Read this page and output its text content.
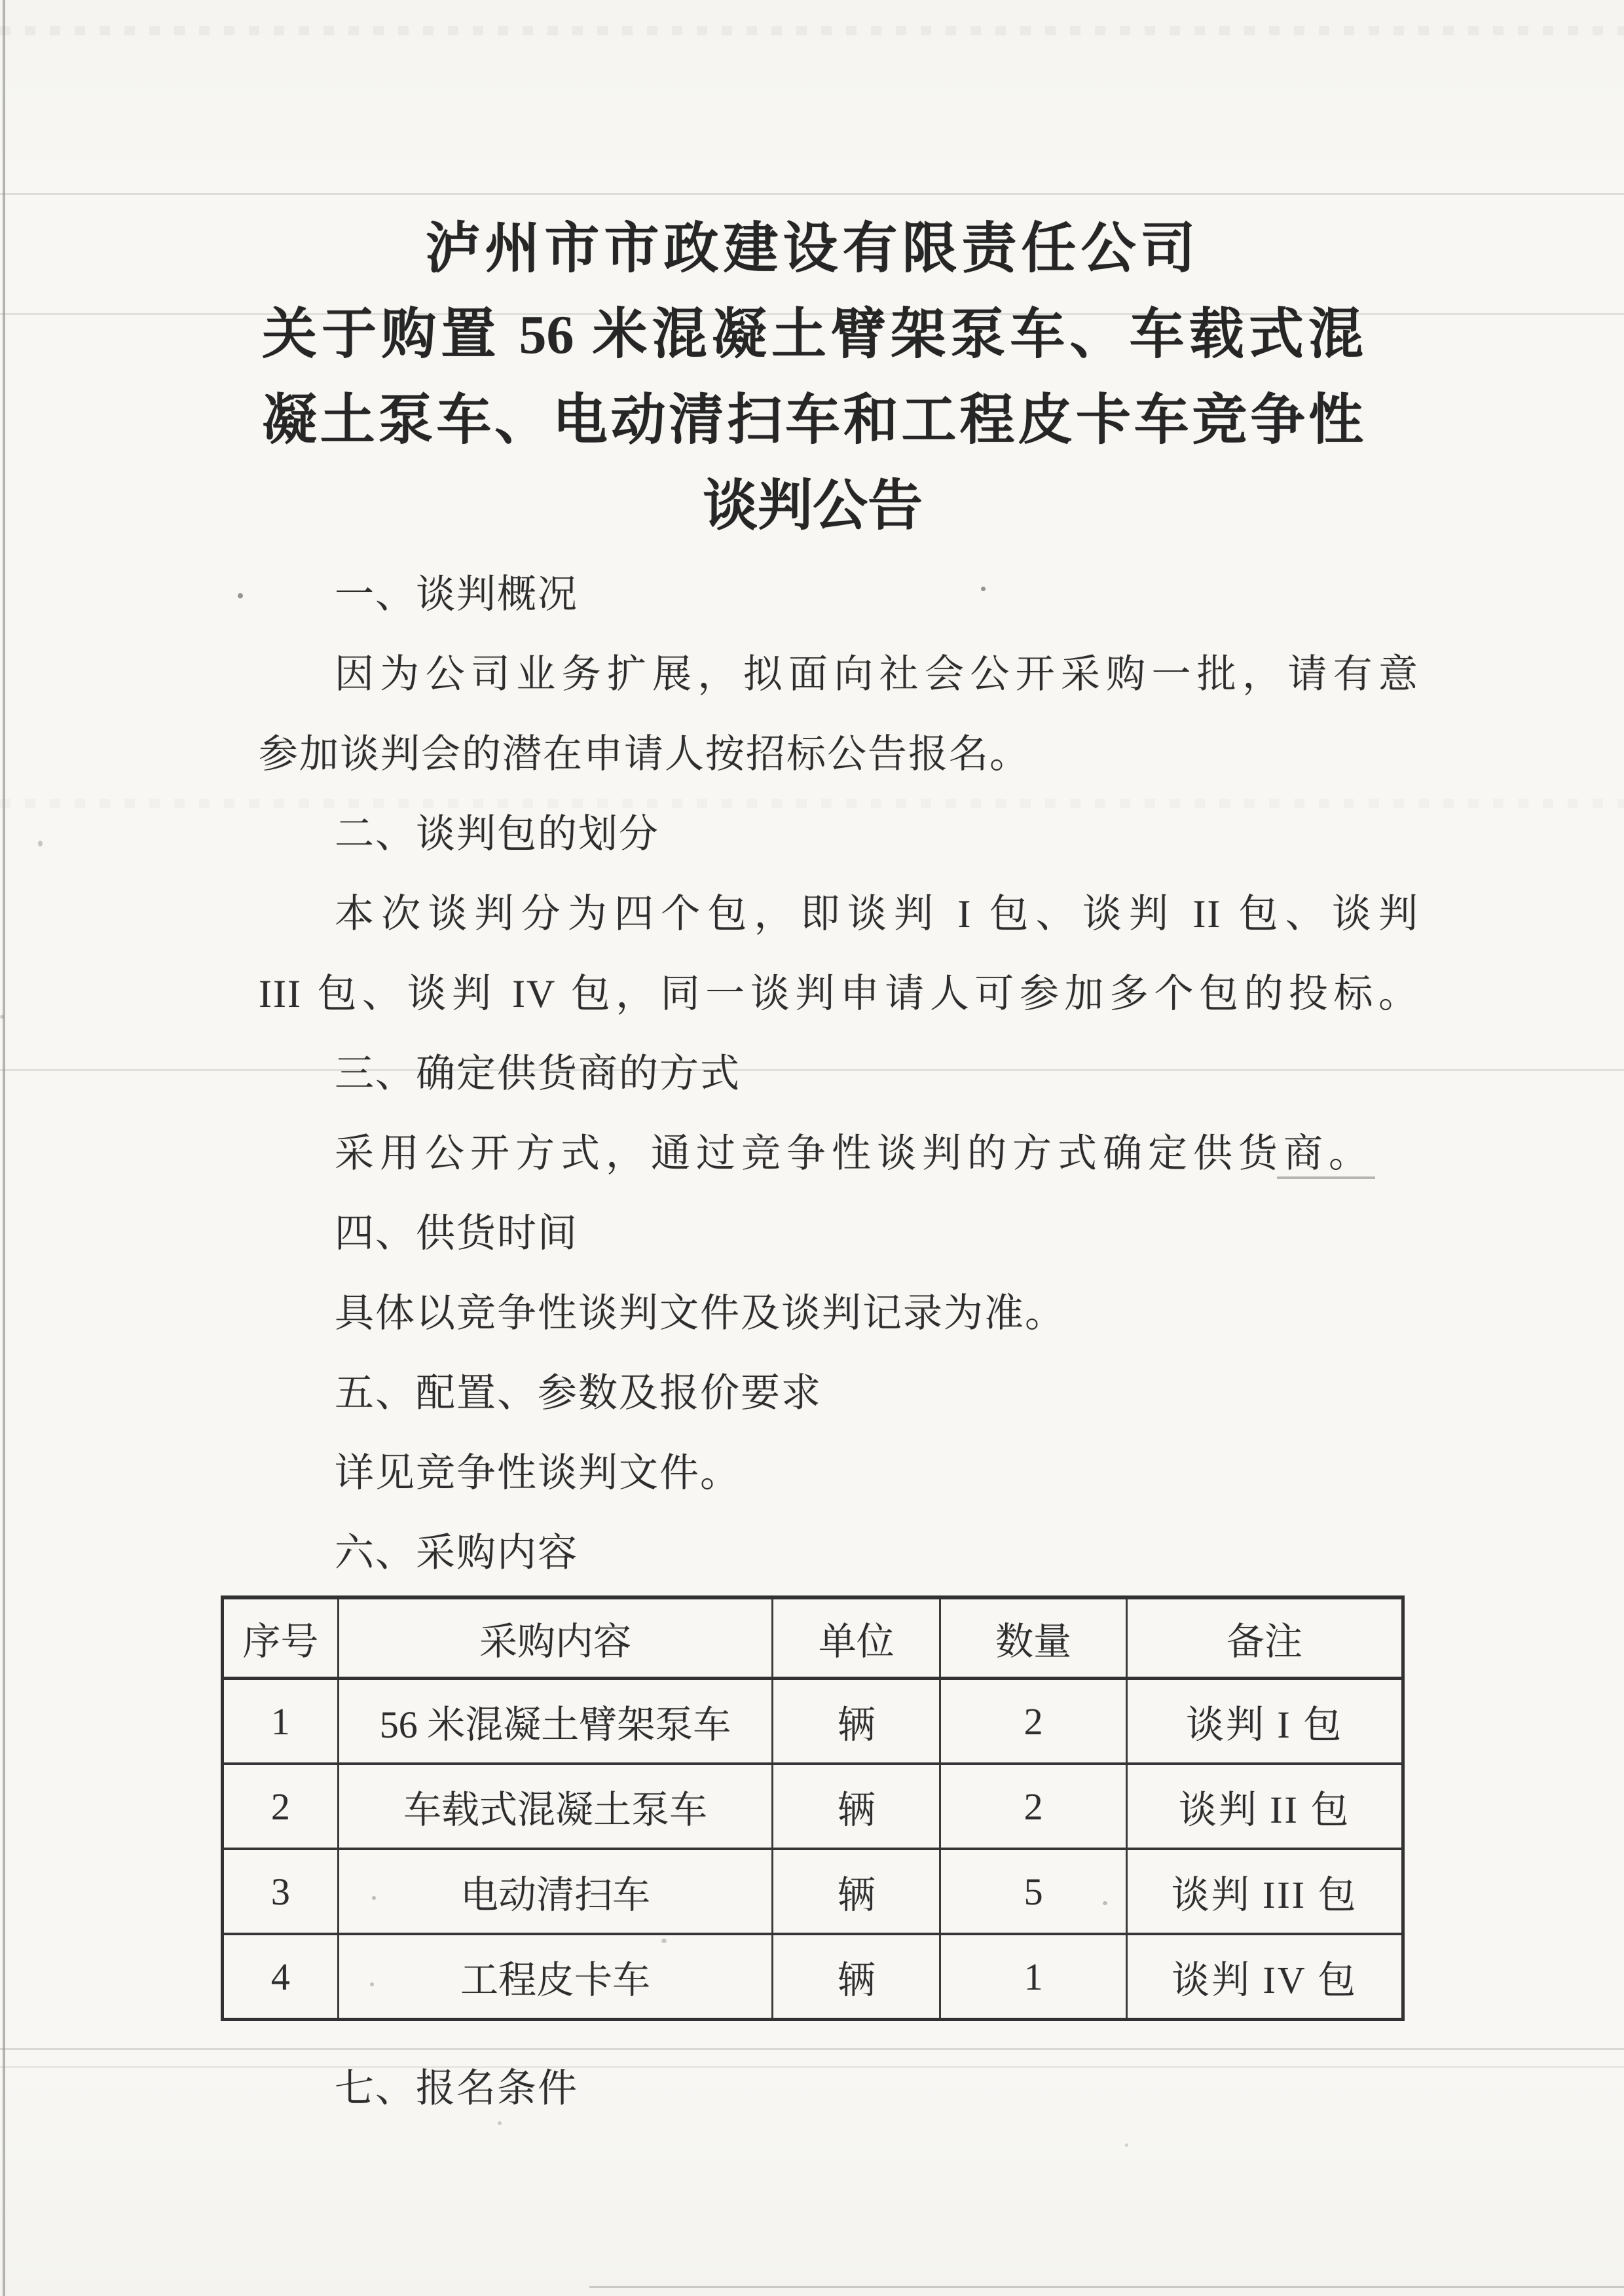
泸州市市政建设有限责任公司
关于购置 56 米混凝土臂架泵车、车载式混
凝土泵车、电动清扫车和工程皮卡车竞争性
谈判公告
一、谈判概况
因为公司业务扩展，拟面向社会公开采购一批，请有意
参加谈判会的潜在申请人按招标公告报名。
二、谈判包的划分
本次谈判分为四个包，即谈判 I 包、谈判 II 包、谈判
III 包、谈判 IV 包，同一谈判申请人可参加多个包的投标。
三、确定供货商的方式
采用公开方式，通过竞争性谈判的方式确定供货商。
四、供货时间
具体以竞争性谈判文件及谈判记录为准。
五、配置、参数及报价要求
详见竞争性谈判文件。
六、采购内容
七、报名条件
序号	采购内容	单位	数量	备注
1	56 米混凝土臂架泵车	辆	2	谈判 I 包
2	车载式混凝土泵车	辆	2	谈判 II 包
3	电动清扫车	辆	5	谈判 III 包
4	工程皮卡车	辆	1	谈判 IV 包
